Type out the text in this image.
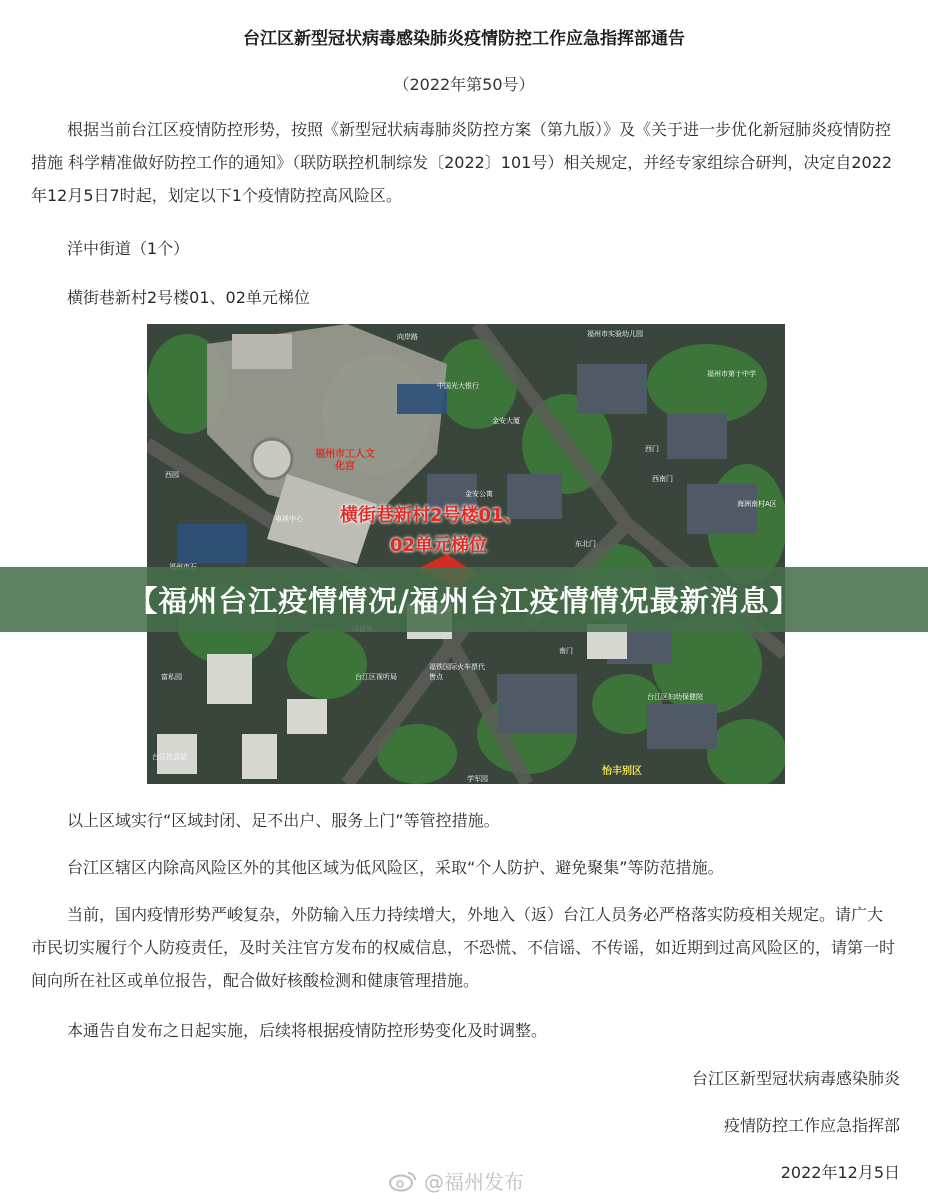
台江区新型冠状病毒感染肺炎疫情防控工作应急指挥部通告
（2022年第50号）
根据当前台江区疫情防控形势，按照《新型冠状病毒肺炎防控方案（第九版）》及《关于进一步优化新冠肺炎疫情防控措施 科学精准做好防控工作的通知》（联防联控机制综发〔2022〕101号）相关规定，并经专家组综合研判，决定自2022年12月5日7时起，划定以下1个疫情防控高风险区。
洋中街道（1个）
横街巷新村2号楼01、02单元梯位
福州市工人文化宫
横街巷新村2号楼01、
02单元梯位
中国光大银行
金安大厦
金安公寓
西南门
东北门
南门
西门
台江区妇幼保健院
福州市第十中学
台江区视听局
福铁国际火车票代售点
富私园
怡丰别区
西园
台江社会站
学军园
海洲南村A区
福州市实验幼儿园
电视中心
向岸路
【福州台江疫情情况/福州台江疫情情况最新消息】
以上区域实行“区域封闭、足不出户、服务上门”等管控措施。
台江区辖区内除高风险区外的其他区域为低风险区，采取“个人防护、避免聚集”等防范措施。
当前，国内疫情形势严峻复杂，外防输入压力持续增大，外地入（返）台江人员务必严格落实防疫相关规定。请广大市民切实履行个人防疫责任，及时关注官方发布的权威信息，不恐慌、不信谣、不传谣，如近期到过高风险区的，请第一时间向所在社区或单位报告，配合做好核酸检测和健康管理措施。
本通告自发布之日起实施，后续将根据疫情防控形势变化及时调整。
台江区新型冠状病毒感染肺炎
疫情防控工作应急指挥部
2022年12月5日
@福州发布
